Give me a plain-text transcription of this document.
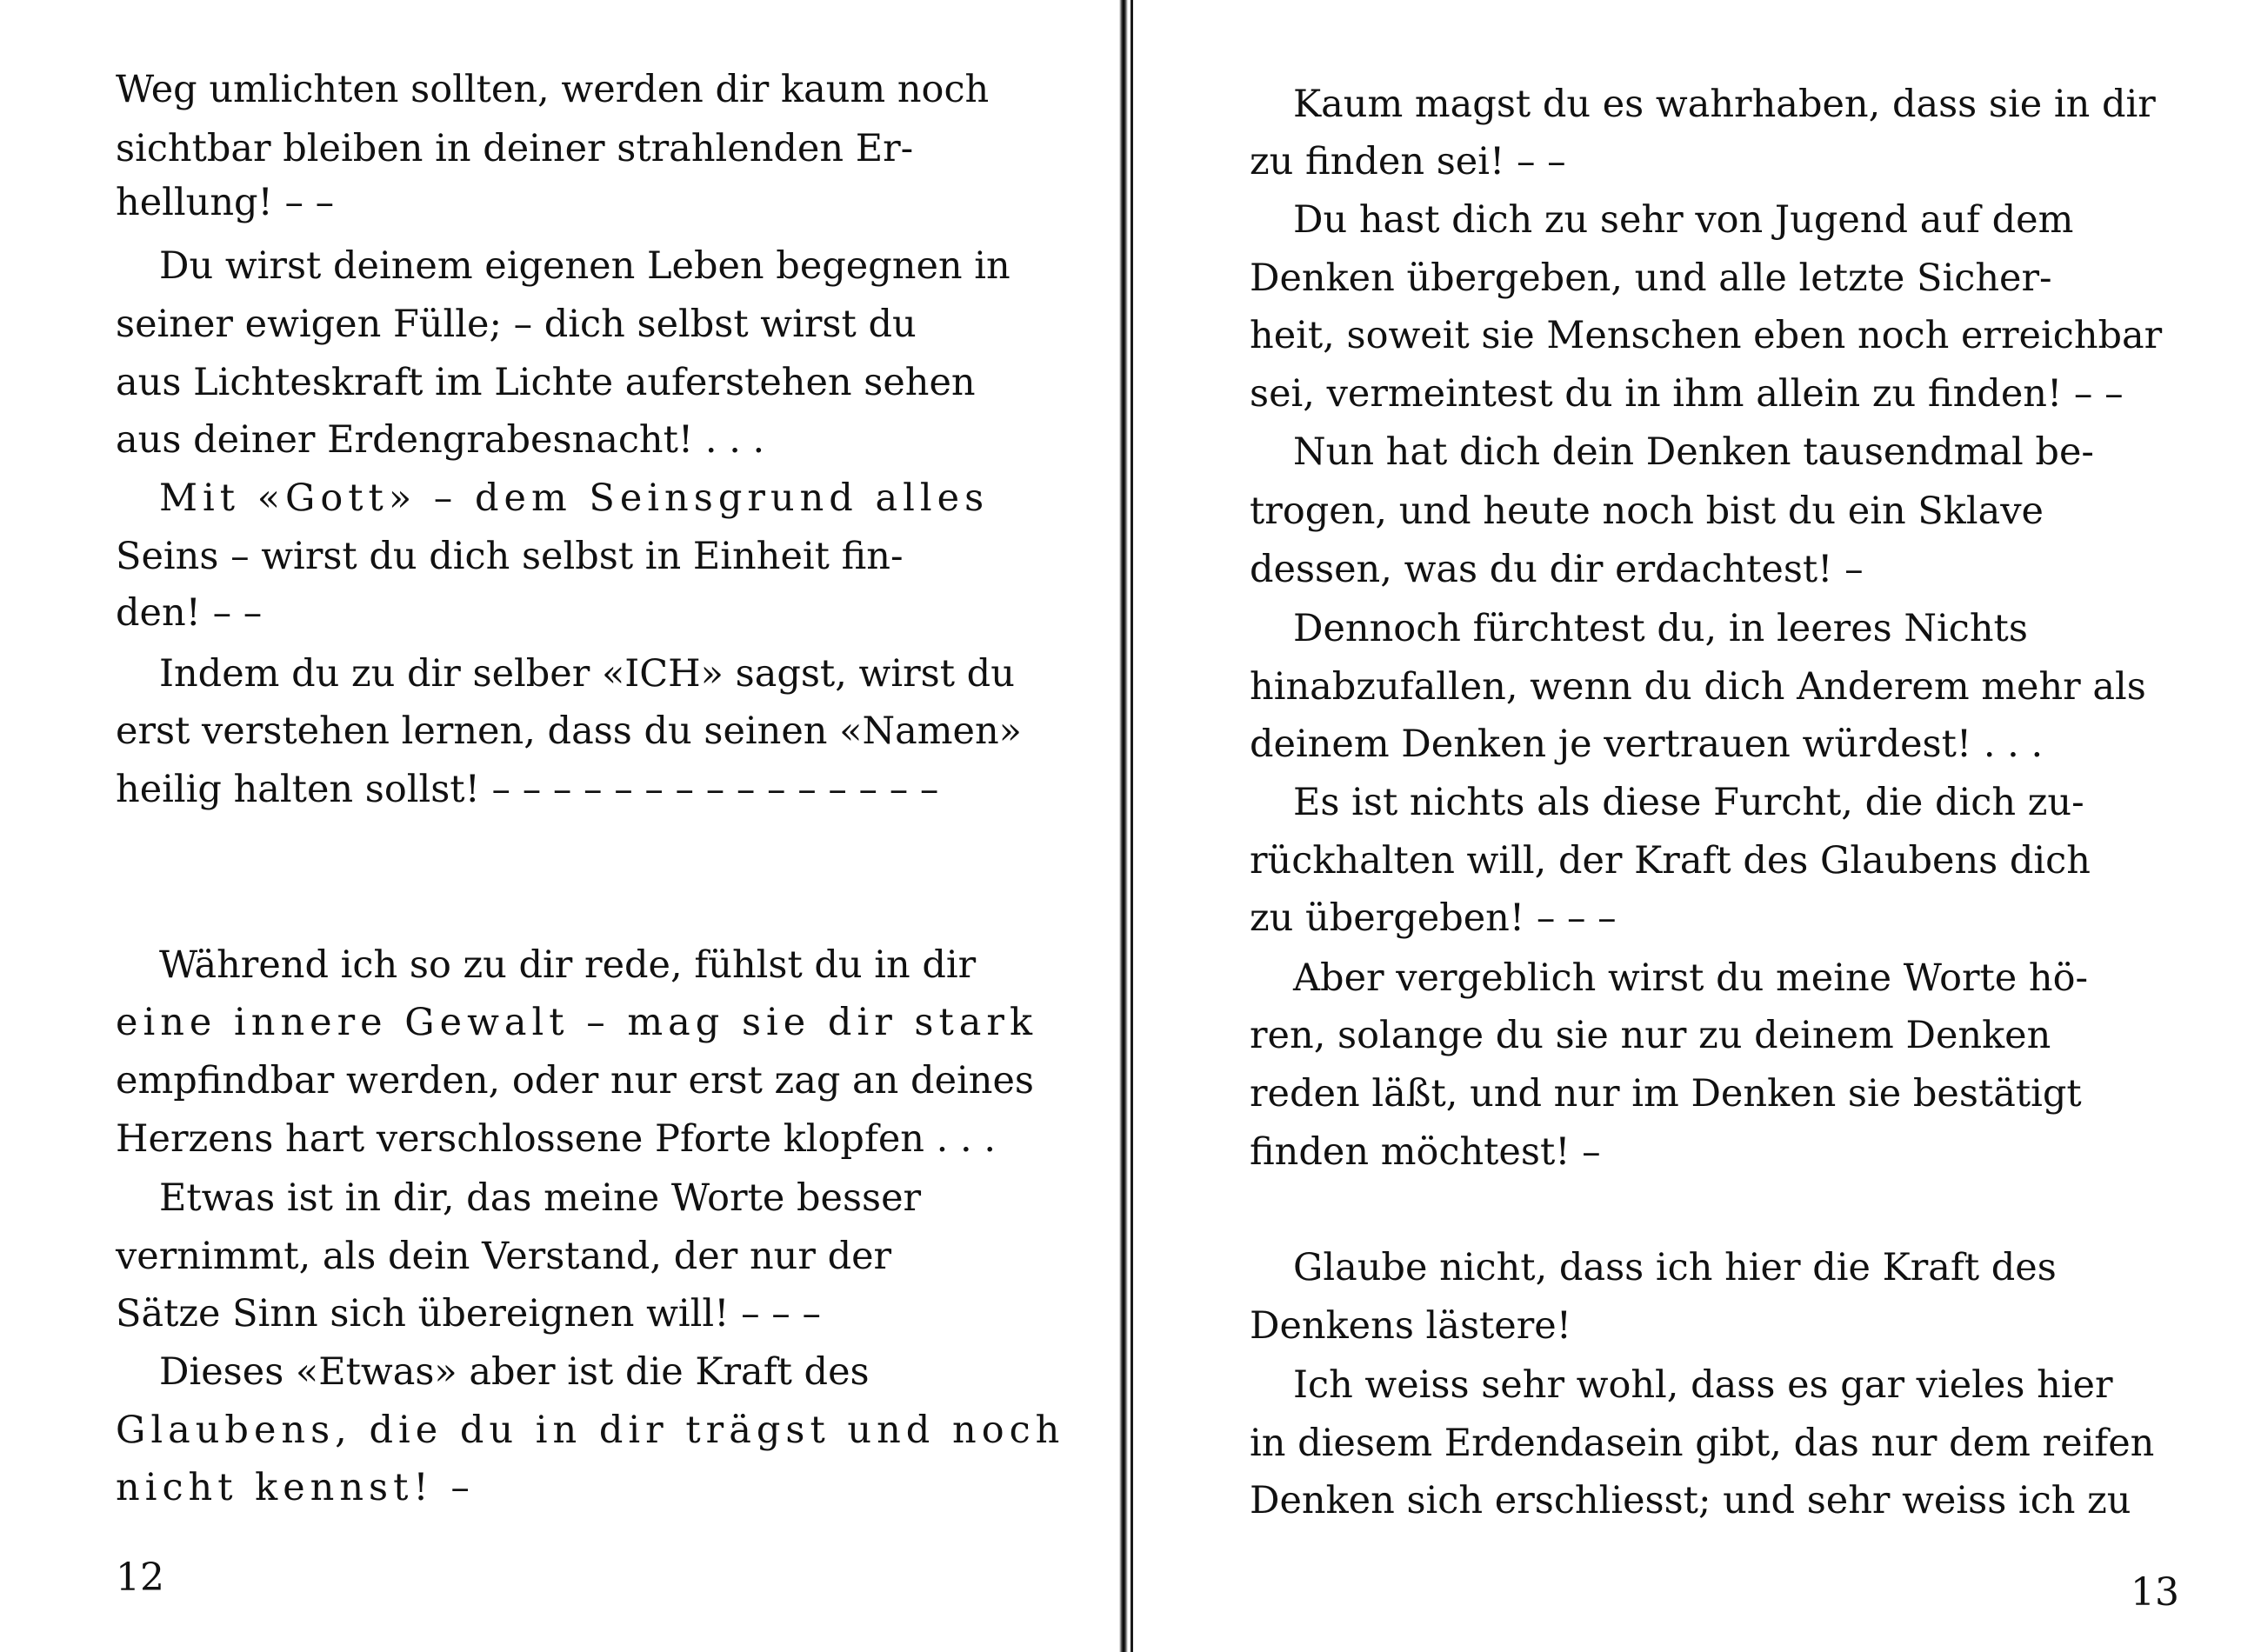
Weg umlichten sollten, werden dir kaum noch

sichtbar bleiben in deiner strahlenden Er-

hellung! – –

Du wirst deinem eigenen Leben begegnen in

seiner ewigen Fülle; – dich selbst wirst du

aus Lichteskraft im Lichte auferstehen sehen

aus deiner Erdengrabesnacht! . . .

Mit «Gott» – dem Seinsgrund alles

Seins – wirst du dich selbst in Einheit fin-

den! – –

Indem du zu dir selber «ICH» sagst, wirst du

erst verstehen lernen, dass du seinen «Namen»

heilig halten sollst! – – – – – – – – – – – – – – –

Während ich so zu dir rede, fühlst du in dir

eine innere Gewalt – mag sie dir stark

empfindbar werden, oder nur erst zag an deines

Herzens hart verschlossene Pforte klopfen . . .

Etwas ist in dir, das meine Worte besser

vernimmt, als dein Verstand, der nur der

Sätze Sinn sich übereignen will! – – –

Dieses «Etwas» aber ist die Kraft des

Glaubens, die du in dir trägst und noch

nicht kennst! –

12

Kaum magst du es wahrhaben, dass sie in dir

zu finden sei! – –

Du hast dich zu sehr von Jugend auf dem

Denken übergeben, und alle letzte Sicher-

heit, soweit sie Menschen eben noch erreichbar

sei, vermeintest du in ihm allein zu finden! – –

Nun hat dich dein Denken tausendmal be-

trogen, und heute noch bist du ein Sklave

dessen, was du dir erdachtest! –

Dennoch fürchtest du, in leeres Nichts

hinabzufallen, wenn du dich Anderem mehr als

deinem Denken je vertrauen würdest! . . .

Es ist nichts als diese Furcht, die dich zu-

rückhalten will, der Kraft des Glaubens dich

zu übergeben! – – –

Aber vergeblich wirst du meine Worte hö-

ren, solange du sie nur zu deinem Denken

reden läßt, und nur im Denken sie bestätigt

finden möchtest! –

Glaube nicht, dass ich hier die Kraft des

Denkens lästere!

Ich weiss sehr wohl, dass es gar vieles hier

in diesem Erdendasein gibt, das nur dem reifen

Denken sich erschliesst; und sehr weiss ich zu

13
